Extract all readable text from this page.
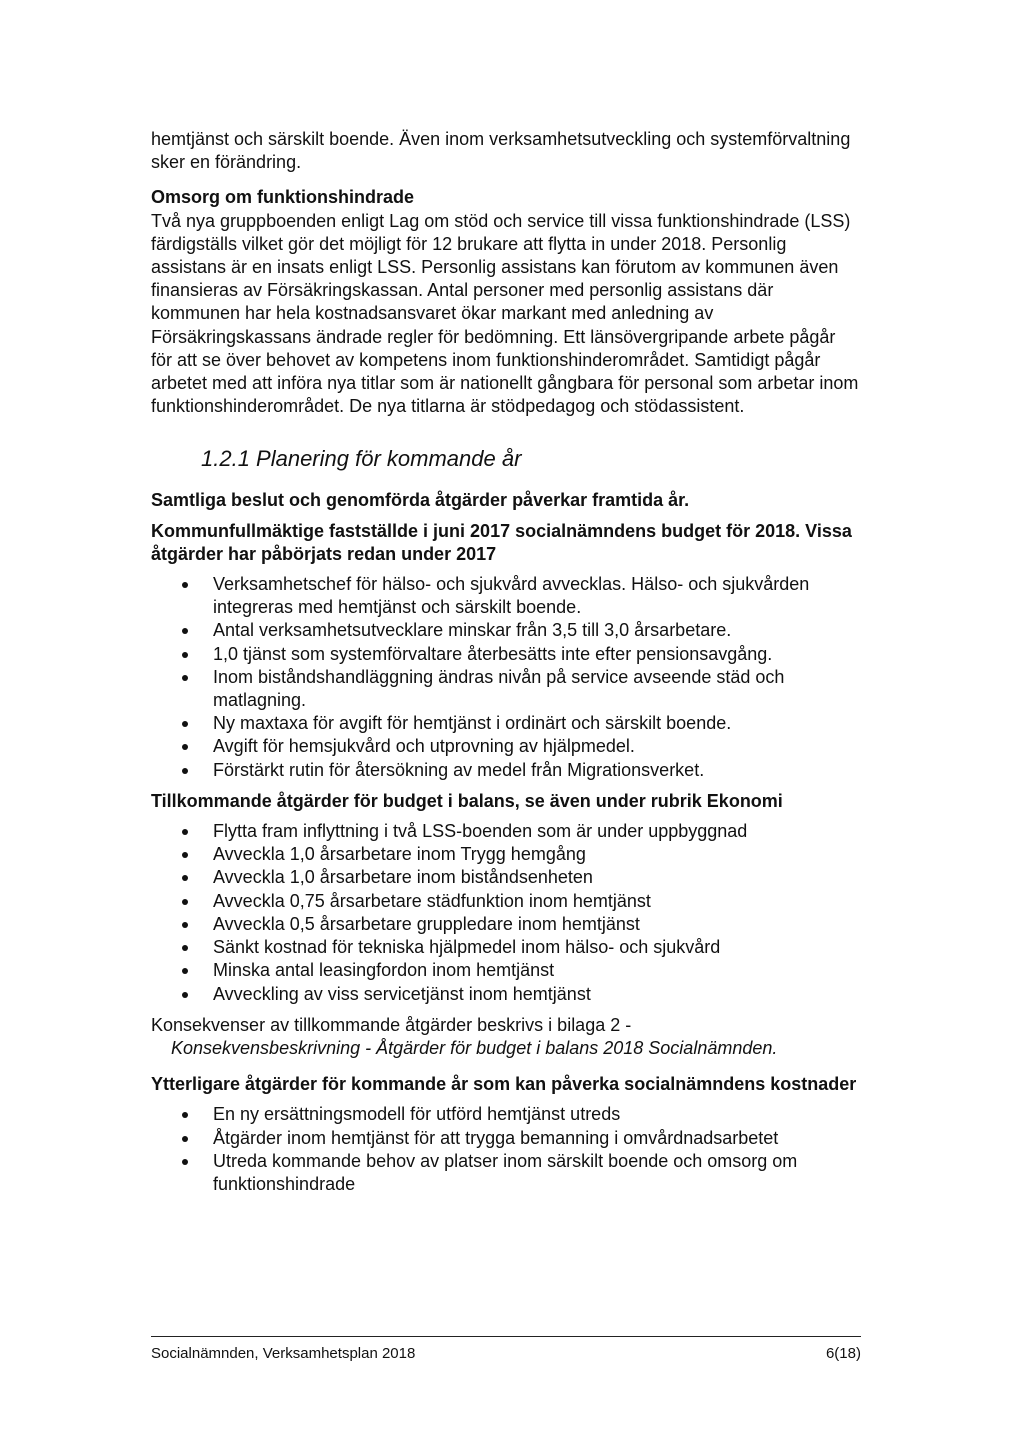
hemtjänst och särskilt boende. Även inom verksamhetsutveckling och systemförvaltning sker en förändring.

Omsorg om funktionshindrade

Två nya gruppboenden enligt Lag om stöd och service till vissa funktionshindrade (LSS) färdigställs vilket gör det möjligt för 12 brukare att flytta in under 2018. Personlig assistans är en insats enligt LSS. Personlig assistans kan förutom av kommunen även finansieras av Försäkringskassan. Antal personer med personlig assistans där kommunen har hela kostnadsansvaret ökar markant med anledning av Försäkringskassans ändrade regler för bedömning. Ett länsövergripande arbete pågår för att se över behovet av kompetens inom funktionshinderområdet. Samtidigt pågår arbetet med att införa nya titlar som är nationellt gångbara för personal som arbetar inom funktionshinderområdet. De nya titlarna är stödpedagog och stödassistent.

1.2.1 Planering för kommande år

Samtliga beslut och genomförda åtgärder påverkar framtida år.

Kommunfullmäktige fastställde i juni 2017 socialnämndens budget för 2018. Vissa åtgärder har påbörjats redan under 2017

Verksamhetschef för hälso- och sjukvård avvecklas. Hälso- och sjukvården integreras med hemtjänst och särskilt boende.
Antal verksamhetsutvecklare minskar från 3,5 till 3,0 årsarbetare.
1,0 tjänst som systemförvaltare återbesätts inte efter pensionsavgång.
Inom biståndshandläggning ändras nivån på service avseende städ och matlagning.
Ny maxtaxa för avgift för hemtjänst i ordinärt och särskilt boende.
Avgift för hemsjukvård och utprovning av hjälpmedel.
Förstärkt rutin för återsökning av medel från Migrationsverket.

Tillkommande åtgärder för budget i balans, se även under rubrik Ekonomi

Flytta fram inflyttning i två LSS-boenden som är under uppbyggnad
Avveckla 1,0 årsarbetare inom Trygg hemgång
Avveckla 1,0 årsarbetare inom biståndsenheten
Avveckla 0,75 årsarbetare städfunktion inom hemtjänst
Avveckla 0,5 årsarbetare gruppledare inom hemtjänst
Sänkt kostnad för tekniska hjälpmedel inom hälso- och sjukvård
Minska antal leasingfordon inom hemtjänst
Avveckling av viss servicetjänst inom hemtjänst

Konsekvenser av tillkommande åtgärder beskrivs i bilaga 2 -

Konsekvensbeskrivning - Åtgärder för budget i balans 2018 Socialnämnden.

Ytterligare åtgärder för kommande år som kan påverka socialnämndens kostnader

En ny ersättningsmodell för utförd hemtjänst utreds
Åtgärder inom hemtjänst för att trygga bemanning i omvårdnadsarbetet
Utreda kommande behov av platser inom särskilt boende och omsorg om funktionshindrade
Socialnämnden, Verksamhetsplan 2018	6(18)
